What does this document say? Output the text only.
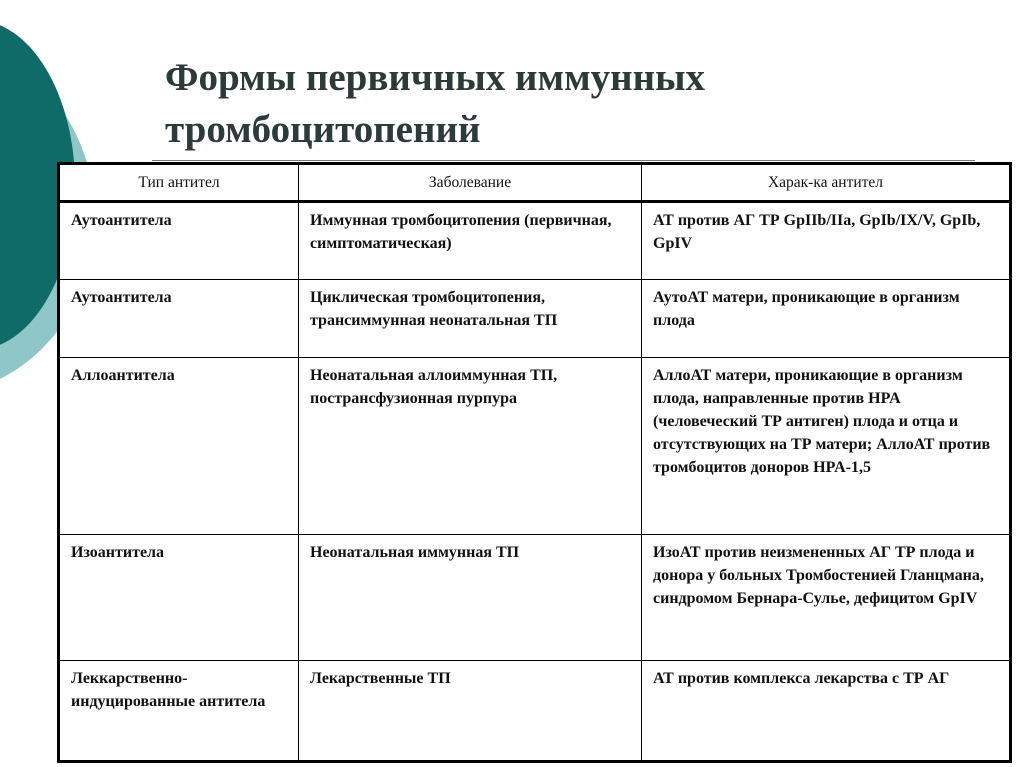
Формы первичных иммунных
тромбоцитопений
Тип антител	Заболевание	Харак-ка антител
Аутоантитела	Иммунная тромбоцитопения (первичная, симптоматическая)	АТ против АГ ТР GpIIb/IIa, GpIb/IX/V, GpIb, GpIV
Аутоантитела	Циклическая тромбоцитопения, трансиммунная неонатальная ТП	АутоАТ матери, проникающие в организм плода
Аллоантитела	Неонатальная аллоиммунная ТП, пострансфузионная пурпура	АллоАТ матери, проникающие в организм плода, направленные против HPA (человеческий ТР антиген) плода и отца и отсутствующих на ТР матери; АллоАТ против тромбоцитов доноров HPA-1,5
Изоантитела	Неонатальная иммунная ТП	ИзоАТ против неизмененных АГ ТР плода и донора у больных Тромбостенией Гланцмана, синдромом Бернара-Сулье, дефицитом GpIV
Леккарственно-индуцированные антитела	Лекарственные ТП	АТ против комплекса лекарства с ТР АГ
